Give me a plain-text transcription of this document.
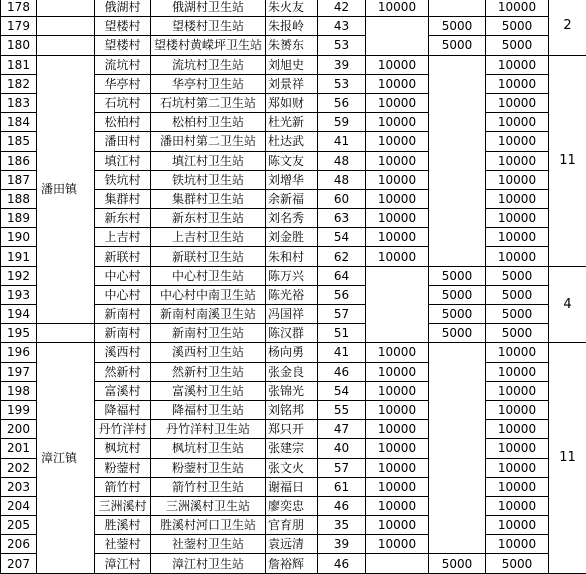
178		俄湖村	俄湖村卫生站	朱火友	42	10000		10000	2
179		望楼村	望楼村卫生站	朱报岭	43		5000	5000	
180		望楼村	望楼村黄嵘坪卫生站	朱赟东	53		5000	5000	
181	潘田镇	流坑村	流坑村卫生站	刘旭史	39	10000		10000	11
182		华亭村	华亭村卫生站	刘景祥	53	10000		10000	
183		石坑村	石坑村第二卫生站	郑如财	56	10000		10000	
184		松柏村	松柏村卫生站	杜光新	59	10000		10000	
185		潘田村	潘田村第二卫生站	杜达武	41	10000		10000	
186		填江村	填江村卫生站	陈文友	48	10000		10000	
187		铁坑村	铁坑村卫生站	刘增华	48	10000		10000	
188		集群村	集群村卫生站	余新福	60	10000		10000	
189		新东村	新东村卫生站	刘名秀	63	10000		10000	
190		上吉村	上吉村卫生站	刘金胜	54	10000		10000	
191		新联村	新联村卫生站	朱和村	62	10000		10000	
192		中心村	中心村卫生站	陈万兴	64		5000	5000	4
193		中心村	中心村中南卫生站	陈光裕	56		5000	5000	
194		新南村	新南村南溪卫生站	冯国祥	57		5000	5000	
195		新南村	新南村卫生站	陈汉群	51		5000	5000	
196	漳江镇	溪西村	溪西村卫生站	杨向勇	41	10000		10000	11
197		然新村	然新村卫生站	张金良	46	10000		10000	
198		富溪村	富溪村卫生站	张锦光	54	10000		10000	
199		降福村	降福村卫生站	刘铭邦	55	10000		10000	
200		丹竹洋村	丹竹洋村卫生站	郑只开	47	10000		10000	
201		枫坑村	枫坑村卫生站	张建宗	40	10000		10000	
202		粉蓥村	粉蓥村卫生站	张文火	57	10000		10000	
203		箭竹村	箭竹村卫生站	谢福日	61	10000		10000	
204		三洲溪村	三洲溪村卫生站	廖奕忠	46	10000		10000	
205		胜溪村	胜溪村河口卫生站	官育朋	35	10000		10000	
206		社蓥村	社蓥村卫生站	袁远清	39	10000		10000	
207		漳江村	漳江村卫生站	詹裕辉	46		5000	5000	
